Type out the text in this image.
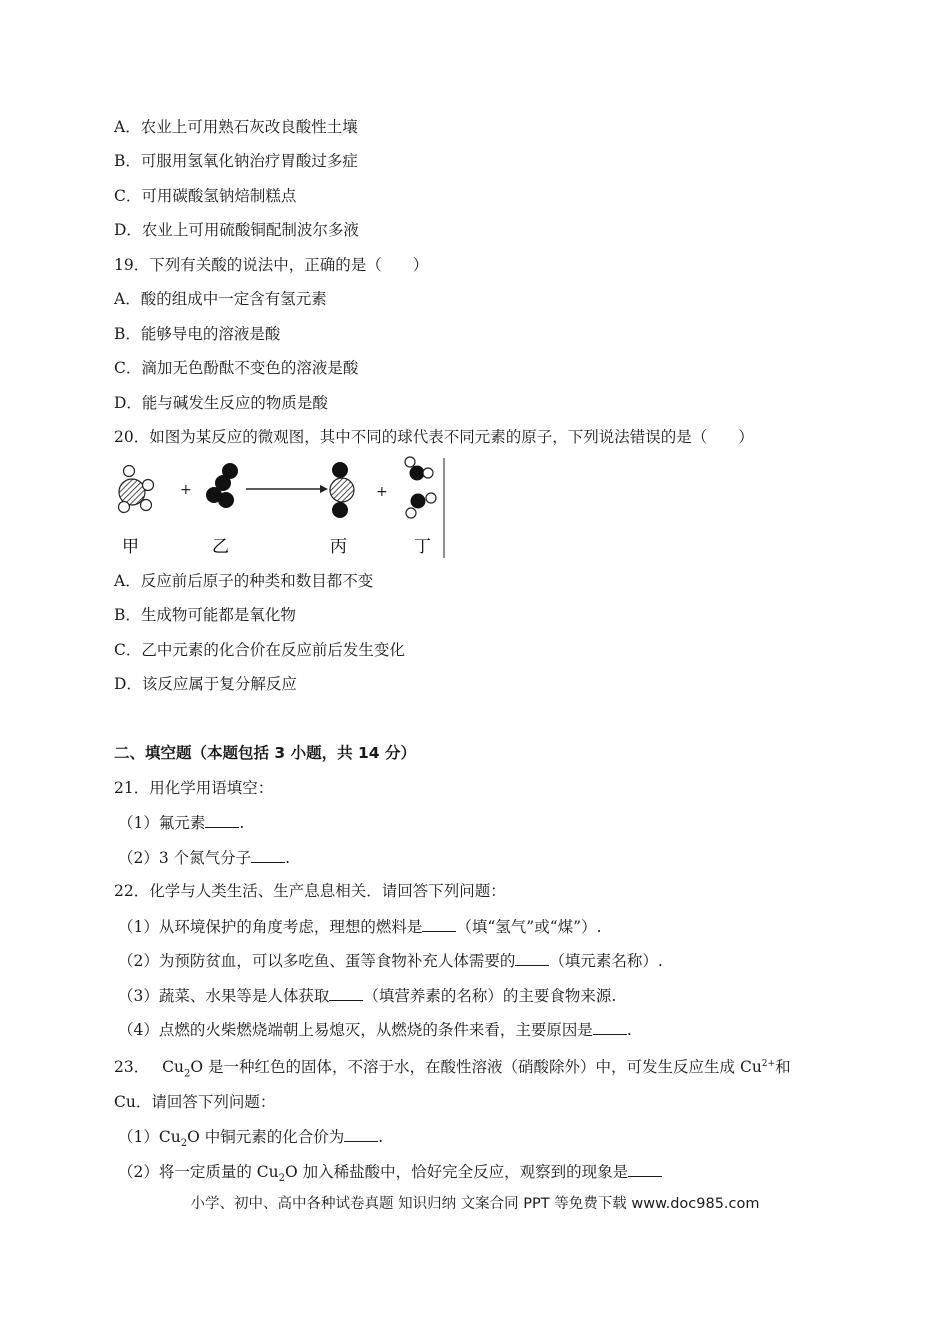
A．农业上可用熟石灰改良酸性土壤
B．可服用氢氧化钠治疗胃酸过多症
C．可用碳酸氢钠焙制糕点
D．农业上可用硫酸铜配制波尔多液
19．下列有关酸的说法中，正确的是（　　）
A．酸的组成中一定含有氢元素
B．能够导电的溶液是酸
C．滴加无色酚酞不变色的溶液是酸
D．能与碱发生反应的物质是酸
20．如图为某反应的微观图，其中不同的球代表不同元素的原子，下列说法错误的是（　　）
+	+
甲	乙	丙	丁
A．反应前后原子的种类和数目都不变
B．生成物可能都是氧化物
C．乙中元素的化合价在反应前后发生变化
D．该反应属于复分解反应
二、填空题（本题包括 3 小题，共 14 分）
21．用化学用语填空：
（1）氟元素 .
（2）3 个氮气分子 .
22．化学与人类生活、生产息息相关．请回答下列问题：
（1）从环境保护的角度考虑，理想的燃料是 （填“氢气”或“煤”）.
（2）为预防贫血，可以多吃鱼、蛋等食物补充人体需要的 （填元素名称）.
（3）蔬菜、水果等是人体获取 （填营养素的名称）的主要食物来源.
（4）点燃的火柴燃烧端朝上易熄灭，从燃烧的条件来看，主要原因是 .
23． $Cu_2O$ 是一种红色的固体，不溶于水，在酸性溶液（硝酸除外）中，可发生反应生成 $Cu^{2+}$和
Cu．请回答下列问题：
$(1)Cu_2O$ 中铜元素的化合价为 .
（2）将一定质量的 $Cu_2O$ 加入稀盐酸中，恰好完全反应，观察到的现象是
小学、初中、高中各种试卷真题 知识归纳 文案合同 PPT 等免费下载 www.doc985.com
